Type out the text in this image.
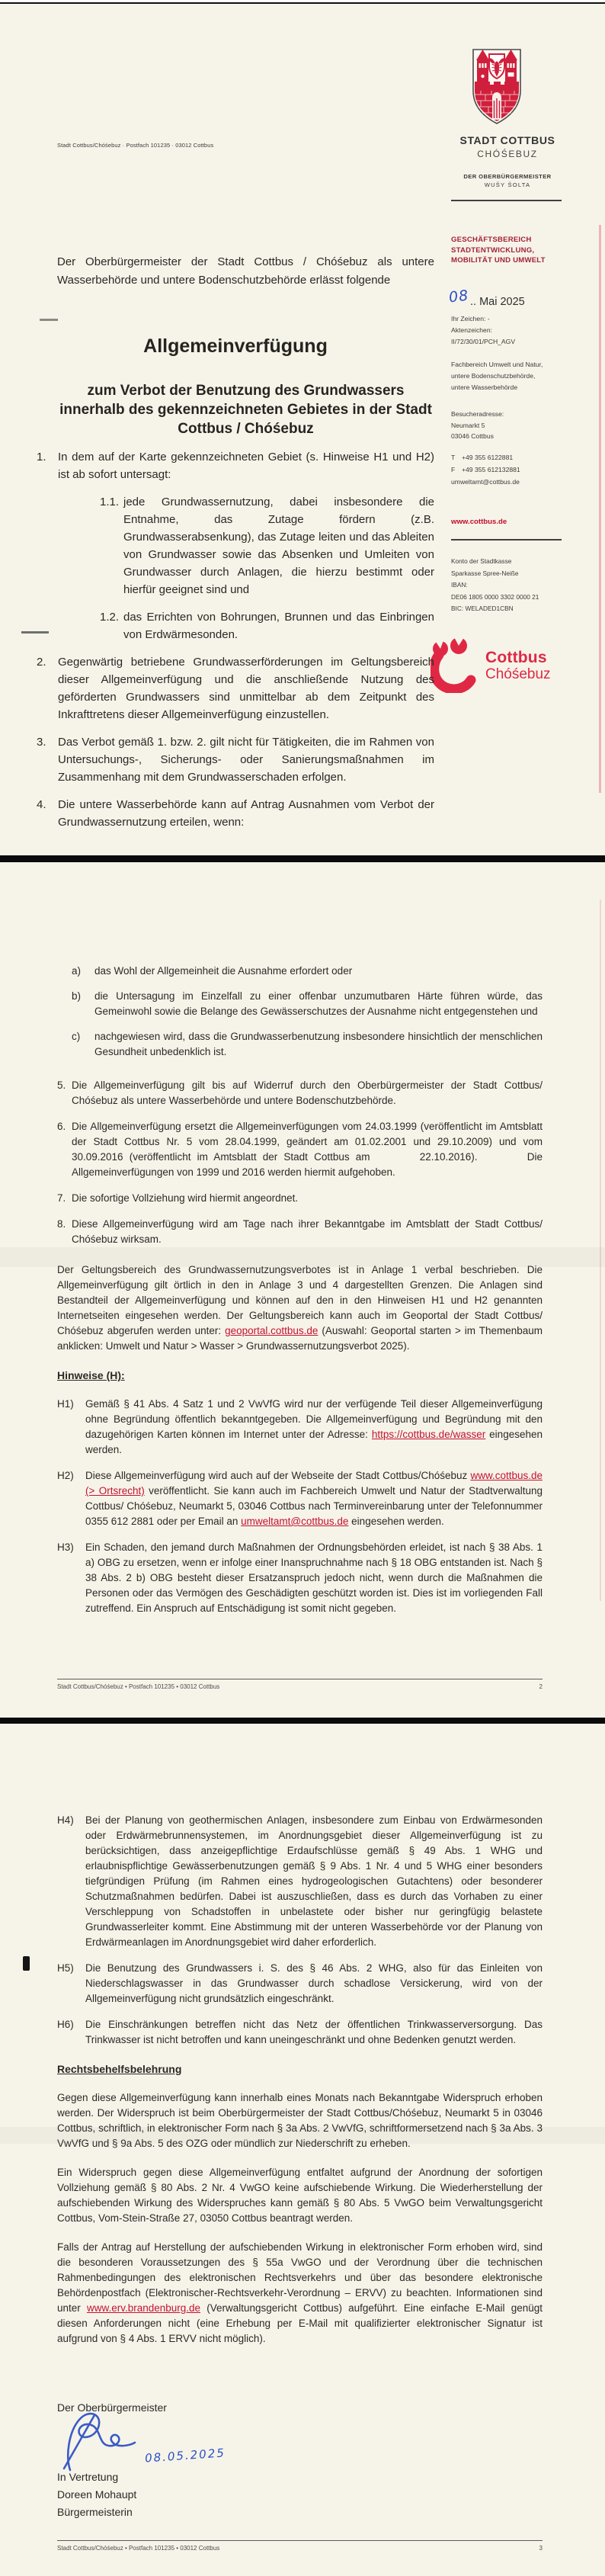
Stadt Cottbus/Chóśebuz · Postfach 101235 · 03012 Cottbus	STADT COTTBUS
CHÓŚEBUZ
DER OBERBÜRGERMEISTER
WUŠY ŠOLTA
GESCHÄFTSBEREICH
STADTENTWICKLUNG,
MOBILITÄT UND UMWELT
08 .. Mai 2025
Ihr Zeichen: -
Aktenzeichen:
II/72/30/01/PCH_AGV
Fachbereich Umwelt und Natur,
untere Bodenschutzbehörde,
untere Wasserbehörde
Besucheradresse:
Neumarkt 5
03046 Cottbus
T	+49 355 6122881
F	+49 355 612132881
umweltamt@cottbus.de
www.cottbus.de
Konto der Stadtkasse
Sparkasse Spree-Neiße
IBAN:
DE06 1805 0000 3302 0000 21
BIC: WELADED1CBN
Cottbus
Chóśebuz

Der Oberbürgermeister der Stadt Cottbus / Chóśebuz als untere Wasserbehörde und untere Bodenschutzbehörde erlässt folgende

Allgemeinverfügung
zum Verbot der Benutzung des Grundwassers innerhalb des gekennzeichneten Gebietes in der Stadt Cottbus / Chóśebuz
1.	In dem auf der Karte gekennzeichneten Gebiet (s. Hinweise H1 und H2) ist ab sofort untersagt:
1.1. jede Grundwassernutzung, dabei insbesondere die Entnahme, das Zutage fördern (z.B. Grundwasserabsenkung), das Zutage leiten und das Ableiten von Grundwasser sowie das Absenken und Umleiten von Grundwasser durch Anlagen, die hierzu bestimmt oder hierfür geeignet sind und
1.2. das Errichten von Bohrungen, Brunnen und das Einbringen von Erdwärmesonden.
2.	Gegenwärtig betriebene Grundwasserförderungen im Geltungsbereich dieser Allgemeinverfügung und die anschließende Nutzung des geförderten Grundwassers sind unmittelbar ab dem Zeitpunkt des Inkrafttretens dieser Allgemeinverfügung einzustellen.
3.	Das Verbot gemäß 1. bzw. 2. gilt nicht für Tätigkeiten, die im Rahmen von Untersuchungs-, Sicherungs- oder Sanierungsmaßnahmen im Zusammenhang mit dem Grundwasserschaden erfolgen.
4.	Die untere Wasserbehörde kann auf Antrag Ausnahmen vom Verbot der Grundwassernutzung erteilen, wenn:
a)	das Wohl der Allgemeinheit die Ausnahme erfordert oder
b)	die Untersagung im Einzelfall zu einer offenbar unzumutbaren Härte führen würde, das Gemeinwohl sowie die Belange des Gewässerschutzes der Ausnahme nicht entgegenstehen und
c)	nachgewiesen wird, dass die Grundwasserbenutzung insbesondere hinsichtlich der menschlichen Gesundheit unbedenklich ist.
5. Die Allgemeinverfügung gilt bis auf Widerruf durch den Oberbürgermeister der Stadt Cottbus/ Chóśebuz als untere Wasserbehörde und untere Bodenschutzbehörde.
6. Die Allgemeinverfügung ersetzt die Allgemeinverfügungen vom 24.03.1999 (veröffentlicht im Amtsblatt der Stadt Cottbus Nr. 5 vom 28.04.1999, geändert am 01.02.2001 und 29.10.2009) und vom 30.09.2016 (veröffentlicht im Amtsblatt der Stadt Cottbus am        22.10.2016).        Die Allgemeinverfügungen von 1999 und 2016 werden hiermit aufgehoben.
7. Die sofortige Vollziehung wird hiermit angeordnet.
8. Diese Allgemeinverfügung wird am Tage nach ihrer Bekanntgabe im Amtsblatt der Stadt Cottbus/ Chóśebuz wirksam.

Der Geltungsbereich des Grundwassernutzungsverbotes ist in Anlage 1 verbal beschrieben. Die Allgemeinverfügung gilt örtlich in den in Anlage 3 und 4 dargestellten Grenzen. Die Anlagen sind Bestandteil der Allgemeinverfügung und können auf den in den Hinweisen H1 und H2 genannten Internetseiten eingesehen werden. Der Geltungsbereich kann auch im Geoportal der Stadt Cottbus/ Chóśebuz abgerufen werden unter: geoportal.cottbus.de (Auswahl: Geoportal starten > im Themenbaum anklicken: Umwelt und Natur > Wasser > Grundwassernutzungsverbot 2025).

Hinweise (H):
H1)	Gemäß § 41 Abs. 4 Satz 1 und 2 VwVfG wird nur der verfügende Teil dieser Allgemeinverfügung ohne Begründung öffentlich bekanntgegeben. Die Allgemeinverfügung und Begründung mit den dazugehörigen Karten können im Internet unter der Adresse: https://cottbus.de/wasser eingesehen werden.
H2)	Diese Allgemeinverfügung wird auch auf der Webseite der Stadt Cottbus/Chóśebuz www.cottbus.de (> Ortsrecht) veröffentlicht. Sie kann auch im Fachbereich Umwelt und Natur der Stadtverwaltung Cottbus/ Chóśebuz, Neumarkt 5, 03046 Cottbus nach Terminvereinbarung unter der Telefonnummer 0355 612 2881 oder per Email an umweltamt@cottbus.de eingesehen werden.
H3)	Ein Schaden, den jemand durch Maßnahmen der Ordnungsbehörden erleidet, ist nach § 38 Abs. 1 a) OBG zu ersetzen, wenn er infolge einer Inanspruchnahme nach § 18 OBG entstanden ist. Nach § 38 Abs. 2 b) OBG besteht dieser Ersatzanspruch jedoch nicht, wenn durch die Maßnahmen die Personen oder das Vermögen des Geschädigten geschützt worden ist. Dies ist im vorliegenden Fall zutreffend. Ein Anspruch auf Entschädigung ist somit nicht gegeben.
Stadt Cottbus/Chóśebuz • Postfach 101235 • 03012 Cottbus	2
H4)	Bei der Planung von geothermischen Anlagen, insbesondere zum Einbau von Erdwärmesonden oder Erdwärmebrunnensystemen, im Anordnungsgebiet dieser Allgemeinverfügung ist zu berücksichtigen, dass anzeigepflichtige Erdaufschlüsse gemäß § 49 Abs. 1 WHG und erlaubnispflichtige Gewässerbenutzungen gemäß § 9 Abs. 1 Nr. 4 und 5 WHG einer besonders tiefgründigen Prüfung (im Rahmen eines hydrogeologischen Gutachtens) oder besonderer Schutzmaßnahmen bedürfen. Dabei ist auszuschließen, dass es durch das Vorhaben zu einer Verschleppung von Schadstoffen in unbelastete oder bisher nur geringfügig belastete Grundwasserleiter kommt. Eine Abstimmung mit der unteren Wasserbehörde vor der Planung von Erdwärmeanlagen im Anordnungsgebiet wird daher erforderlich.
H5)	Die Benutzung des Grundwassers i. S. des § 46 Abs. 2 WHG, also für das Einleiten von Niederschlagswasser in das Grundwasser durch schadlose Versickerung, wird von der Allgemeinverfügung nicht grundsätzlich eingeschränkt.
H6)	Die Einschränkungen betreffen nicht das Netz der öffentlichen Trinkwasserversorgung. Das Trinkwasser ist nicht betroffen und kann uneingeschränkt und ohne Bedenken genutzt werden.
Rechtsbehelfsbelehrung

Gegen diese Allgemeinverfügung kann innerhalb eines Monats nach Bekanntgabe Widerspruch erhoben werden. Der Widerspruch ist beim Oberbürgermeister der Stadt Cottbus/Chóśebuz, Neumarkt 5 in 03046 Cottbus, schriftlich, in elektronischer Form nach § 3a Abs. 2 VwVfG, schriftformersetzend nach § 3a Abs. 3 VwVfG und § 9a Abs. 5 des OZG oder mündlich zur Niederschrift zu erheben.

Ein Widerspruch gegen diese Allgemeinverfügung entfaltet aufgrund der Anordnung der sofortigen Vollziehung gemäß § 80 Abs. 2 Nr. 4 VwGO keine aufschiebende Wirkung. Die Wiederherstellung der aufschiebenden Wirkung des Widerspruches kann gemäß § 80 Abs. 5 VwGO beim Verwaltungsgericht Cottbus, Vom-Stein-Straße 27, 03050 Cottbus beantragt werden.

Falls der Antrag auf Herstellung der aufschiebenden Wirkung in elektronischer Form erhoben wird, sind die besonderen Voraussetzungen des § 55a VwGO und der Verordnung über die technischen Rahmenbedingungen des elektronischen Rechtsverkehrs und über das besondere elektronische Behördenpostfach (Elektronischer-Rechtsverkehr-Verordnung – ERVV) zu beachten. Informationen sind unter www.erv.brandenburg.de (Verwaltungsgericht Cottbus) aufgeführt. Eine einfache E-Mail genügt diesen Anforderungen nicht (eine Erhebung per E-Mail mit qualifizierter elektronischer Signatur ist aufgrund von § 4 Abs. 1 ERVV nicht möglich).

Der Oberbürgermeister
08.05.2025
In Vertretung
Doreen Mohaupt
Bürgermeisterin
Stadt Cottbus/Chóśebuz • Postfach 101235 • 03012 Cottbus	3
